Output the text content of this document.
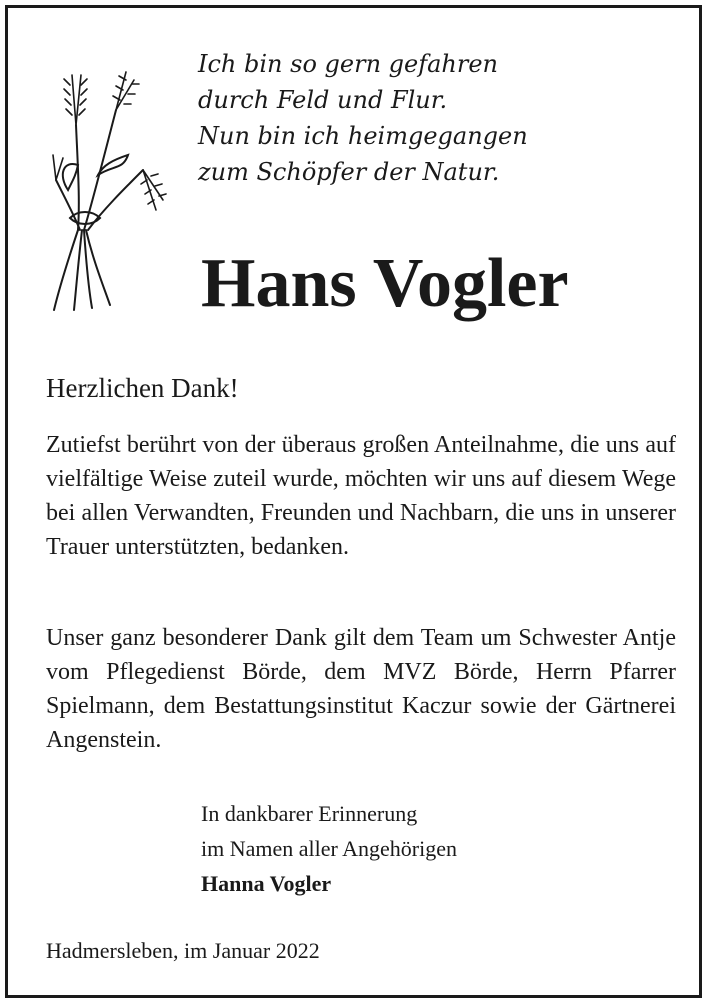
Ich bin so gern gefahren
durch Feld und Flur.
Nun bin ich heimgegangen
zum Schöpfer der Natur.
Hans Vogler
Herzlichen Dank!

Zutiefst berührt von der überaus großen Anteilnahme, die uns auf vielfältige Weise zuteil wurde, möchten wir uns auf diesem Wege bei allen Verwandten, Freunden und Nachbarn, die uns in unserer Trauer unterstützten, bedanken.

Unser ganz besonderer Dank gilt dem Team um Schwester Antje vom Pflegedienst Börde, dem MVZ Börde, Herrn Pfarrer Spielmann, dem Bestattungsinstitut Kaczur sowie der Gärtnerei Angenstein.

In dankbarer Erinnerung
im Namen aller Angehörigen
Hanna Vogler
Hadmersleben, im Januar 2022
